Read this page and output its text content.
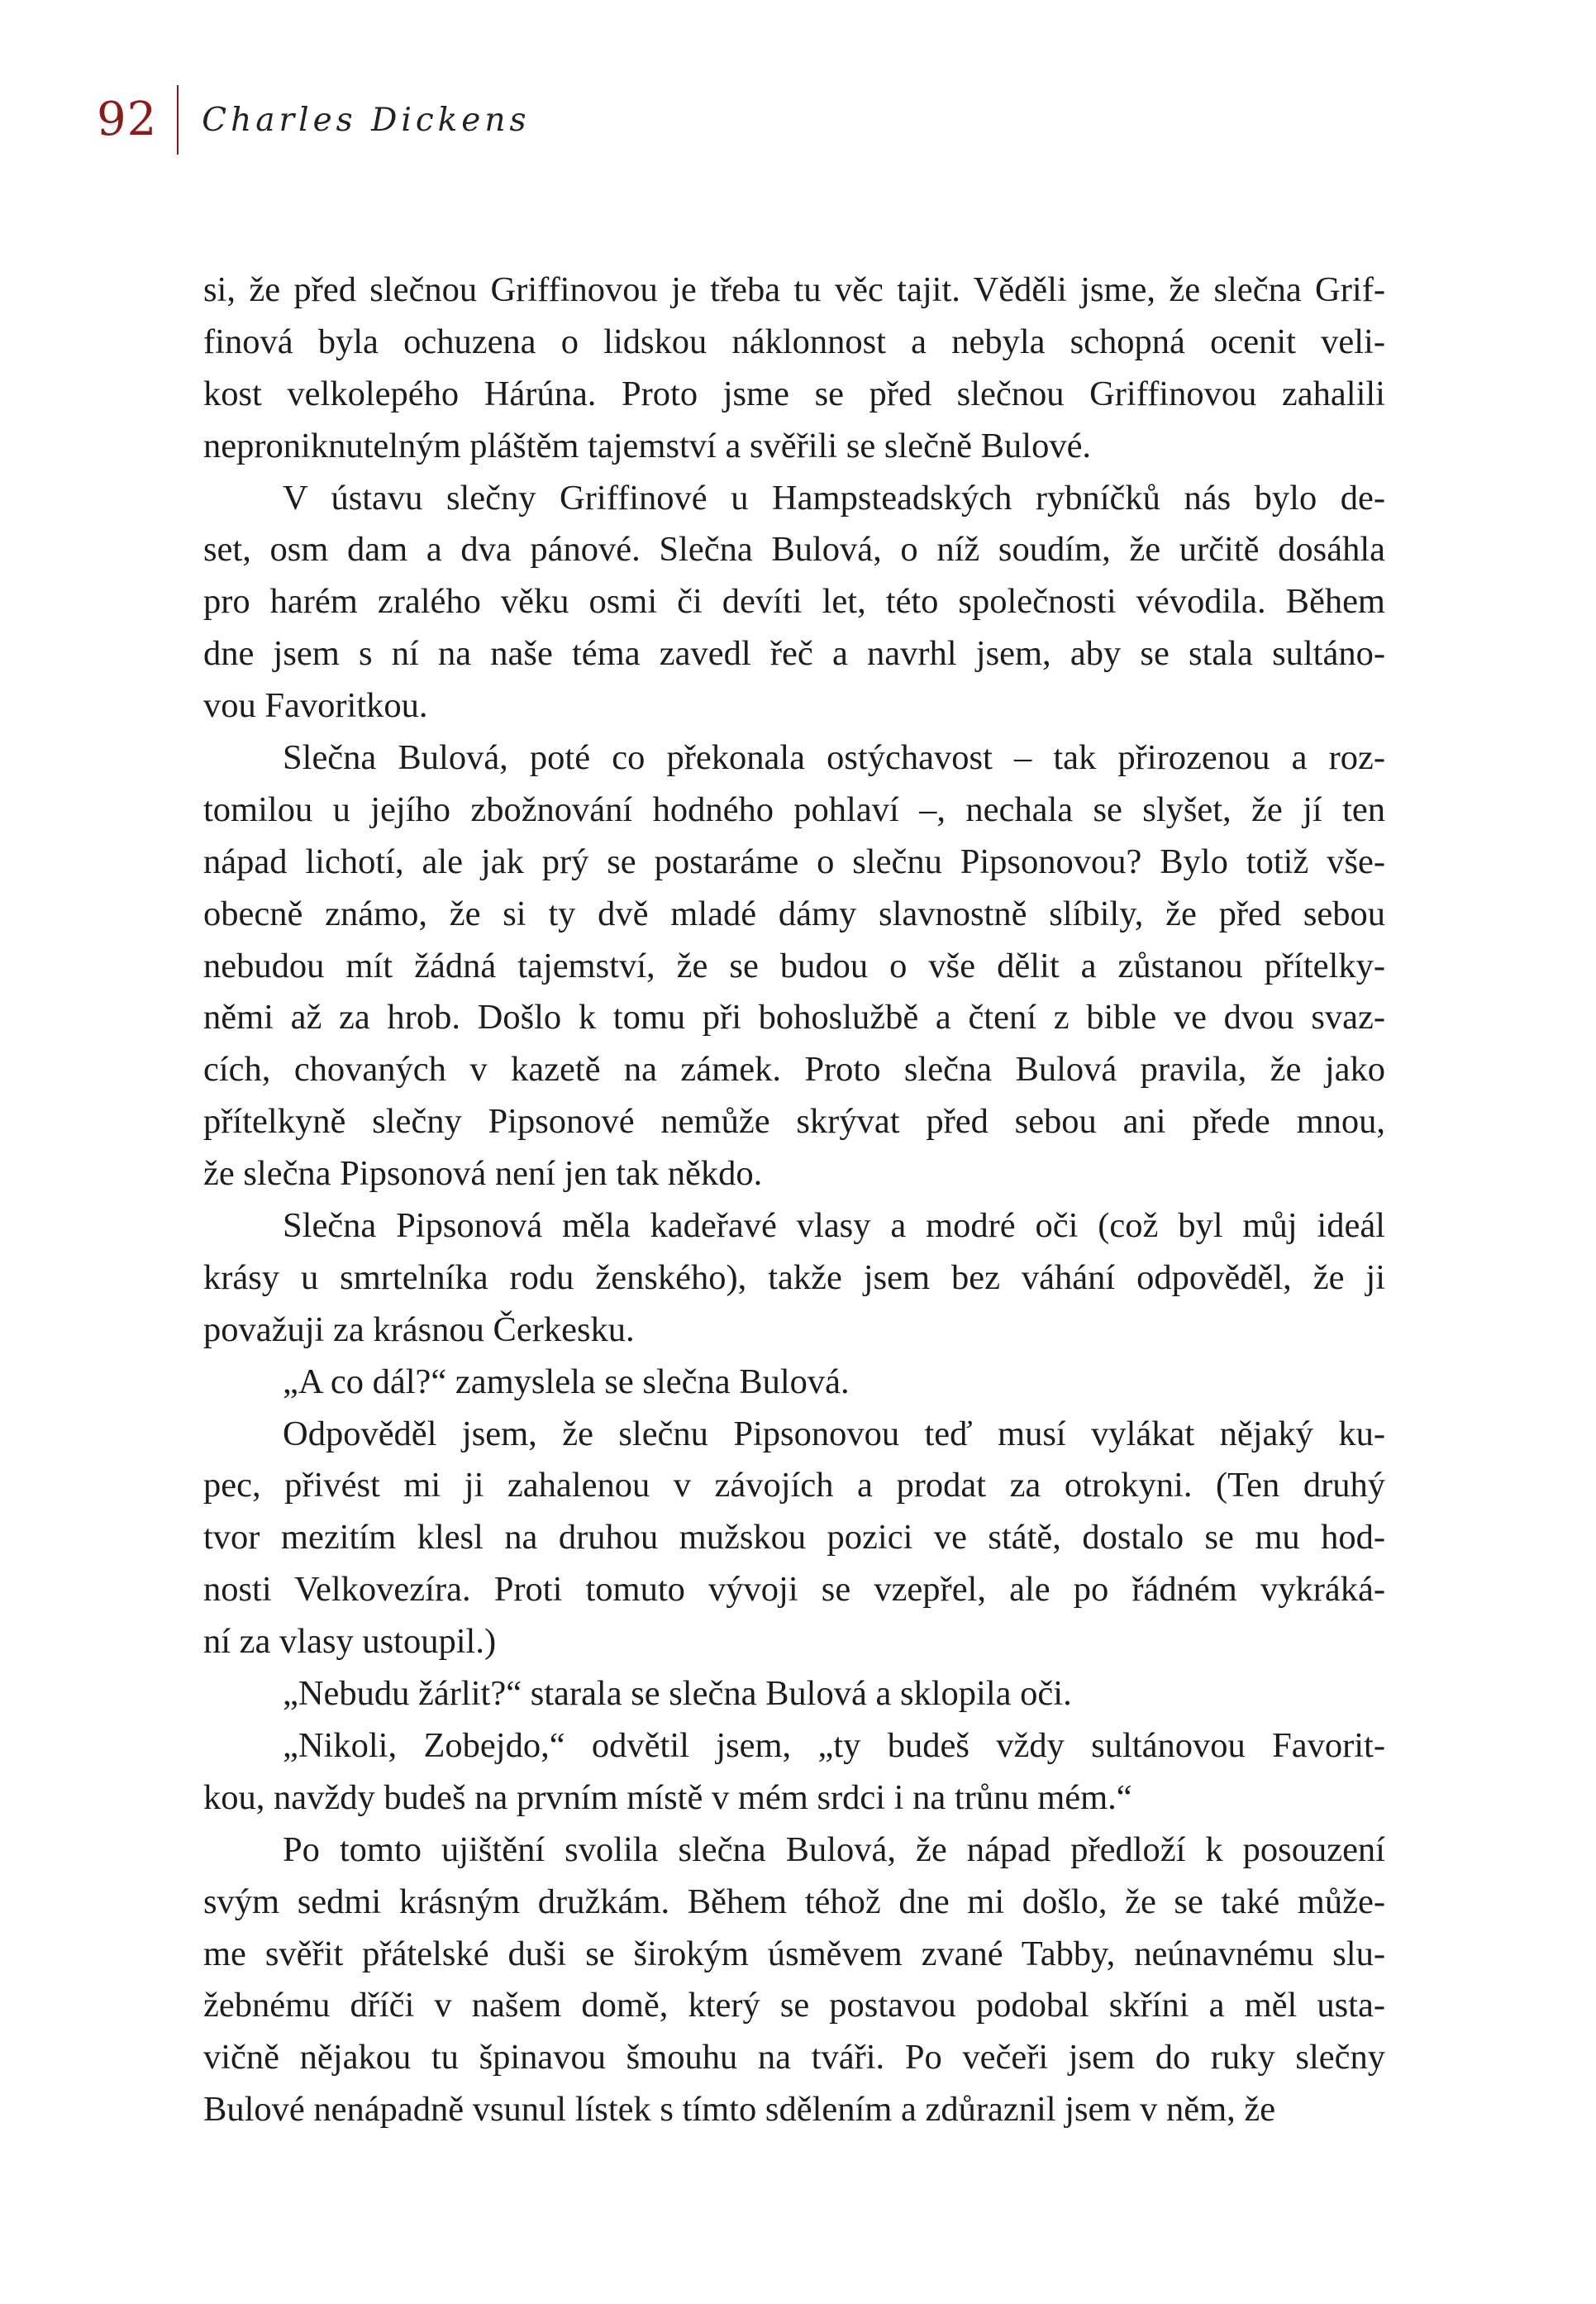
92 Charles Dickens
si, že před slečnou Griffinovou je třeba tu věc tajit. Věděli jsme, že slečna Grif-
finová byla ochuzena o lidskou náklonnost a nebyla schopná ocenit veli-
kost velkolepého Hárúna. Proto jsme se před slečnou Griffinovou zahalili
neproniknutelným pláštěm tajemství a svěřili se slečně Bulové.
V ústavu slečny Griffinové u Hampsteadských rybníčků nás bylo de-
set, osm dam a dva pánové. Slečna Bulová, o níž soudím, že určitě dosáhla
pro harém zralého věku osmi či devíti let, této společnosti vévodila. Během
dne jsem s ní na naše téma zavedl řeč a navrhl jsem, aby se stala sultáno-
vou Favoritkou.
Slečna Bulová, poté co překonala ostýchavost – tak přirozenou a roz-
tomilou u jejího zbožnování hodného pohlaví –, nechala se slyšet, že jí ten
nápad lichotí, ale jak prý se postaráme o slečnu Pipsonovou? Bylo totiž vše-
obecně známo, že si ty dvě mladé dámy slavnostně slíbily, že před sebou
nebudou mít žádná tajemství, že se budou o vše dělit a zůstanou přítelky-
němi až za hrob. Došlo k tomu při bohoslužbě a čtení z bible ve dvou svaz-
cích, chovaných v kazetě na zámek. Proto slečna Bulová pravila, že jako
přítelkyně slečny Pipsonové nemůže skrývat před sebou ani přede mnou,
že slečna Pipsonová není jen tak někdo.
Slečna Pipsonová měla kadeřavé vlasy a modré oči (což byl můj ideál
krásy u smrtelníka rodu ženského), takže jsem bez váhání odpověděl, že ji
považuji za krásnou Čerkesku.
„A co dál?“ zamyslela se slečna Bulová.
Odpověděl jsem, že slečnu Pipsonovou teď musí vylákat nějaký ku-
pec, přivést mi ji zahalenou v závojích a prodat za otrokyni. (Ten druhý
tvor mezitím klesl na druhou mužskou pozici ve státě, dostalo se mu hod-
nosti Velkovezíra. Proti tomuto vývoji se vzepřel, ale po řádném vykráká-
ní za vlasy ustoupil.)
„Nebudu žárlit?“ starala se slečna Bulová a sklopila oči.
„Nikoli, Zobejdo,“ odvětil jsem, „ty budeš vždy sultánovou Favorit-
kou, navždy budeš na prvním místě v mém srdci i na trůnu mém.“
Po tomto ujištění svolila slečna Bulová, že nápad předloží k posouzení
svým sedmi krásným družkám. Během téhož dne mi došlo, že se také může-
me svěřit přátelské duši se širokým úsměvem zvané Tabby, neúnavnému slu-
žebnému dříči v našem domě, který se postavou podobal skříni a měl usta-
vičně nějakou tu špinavou šmouhu na tváři. Po večeři jsem do ruky slečny
Bulové nenápadně vsunul lístek s tímto sdělením a zdůraznil jsem v něm, že
